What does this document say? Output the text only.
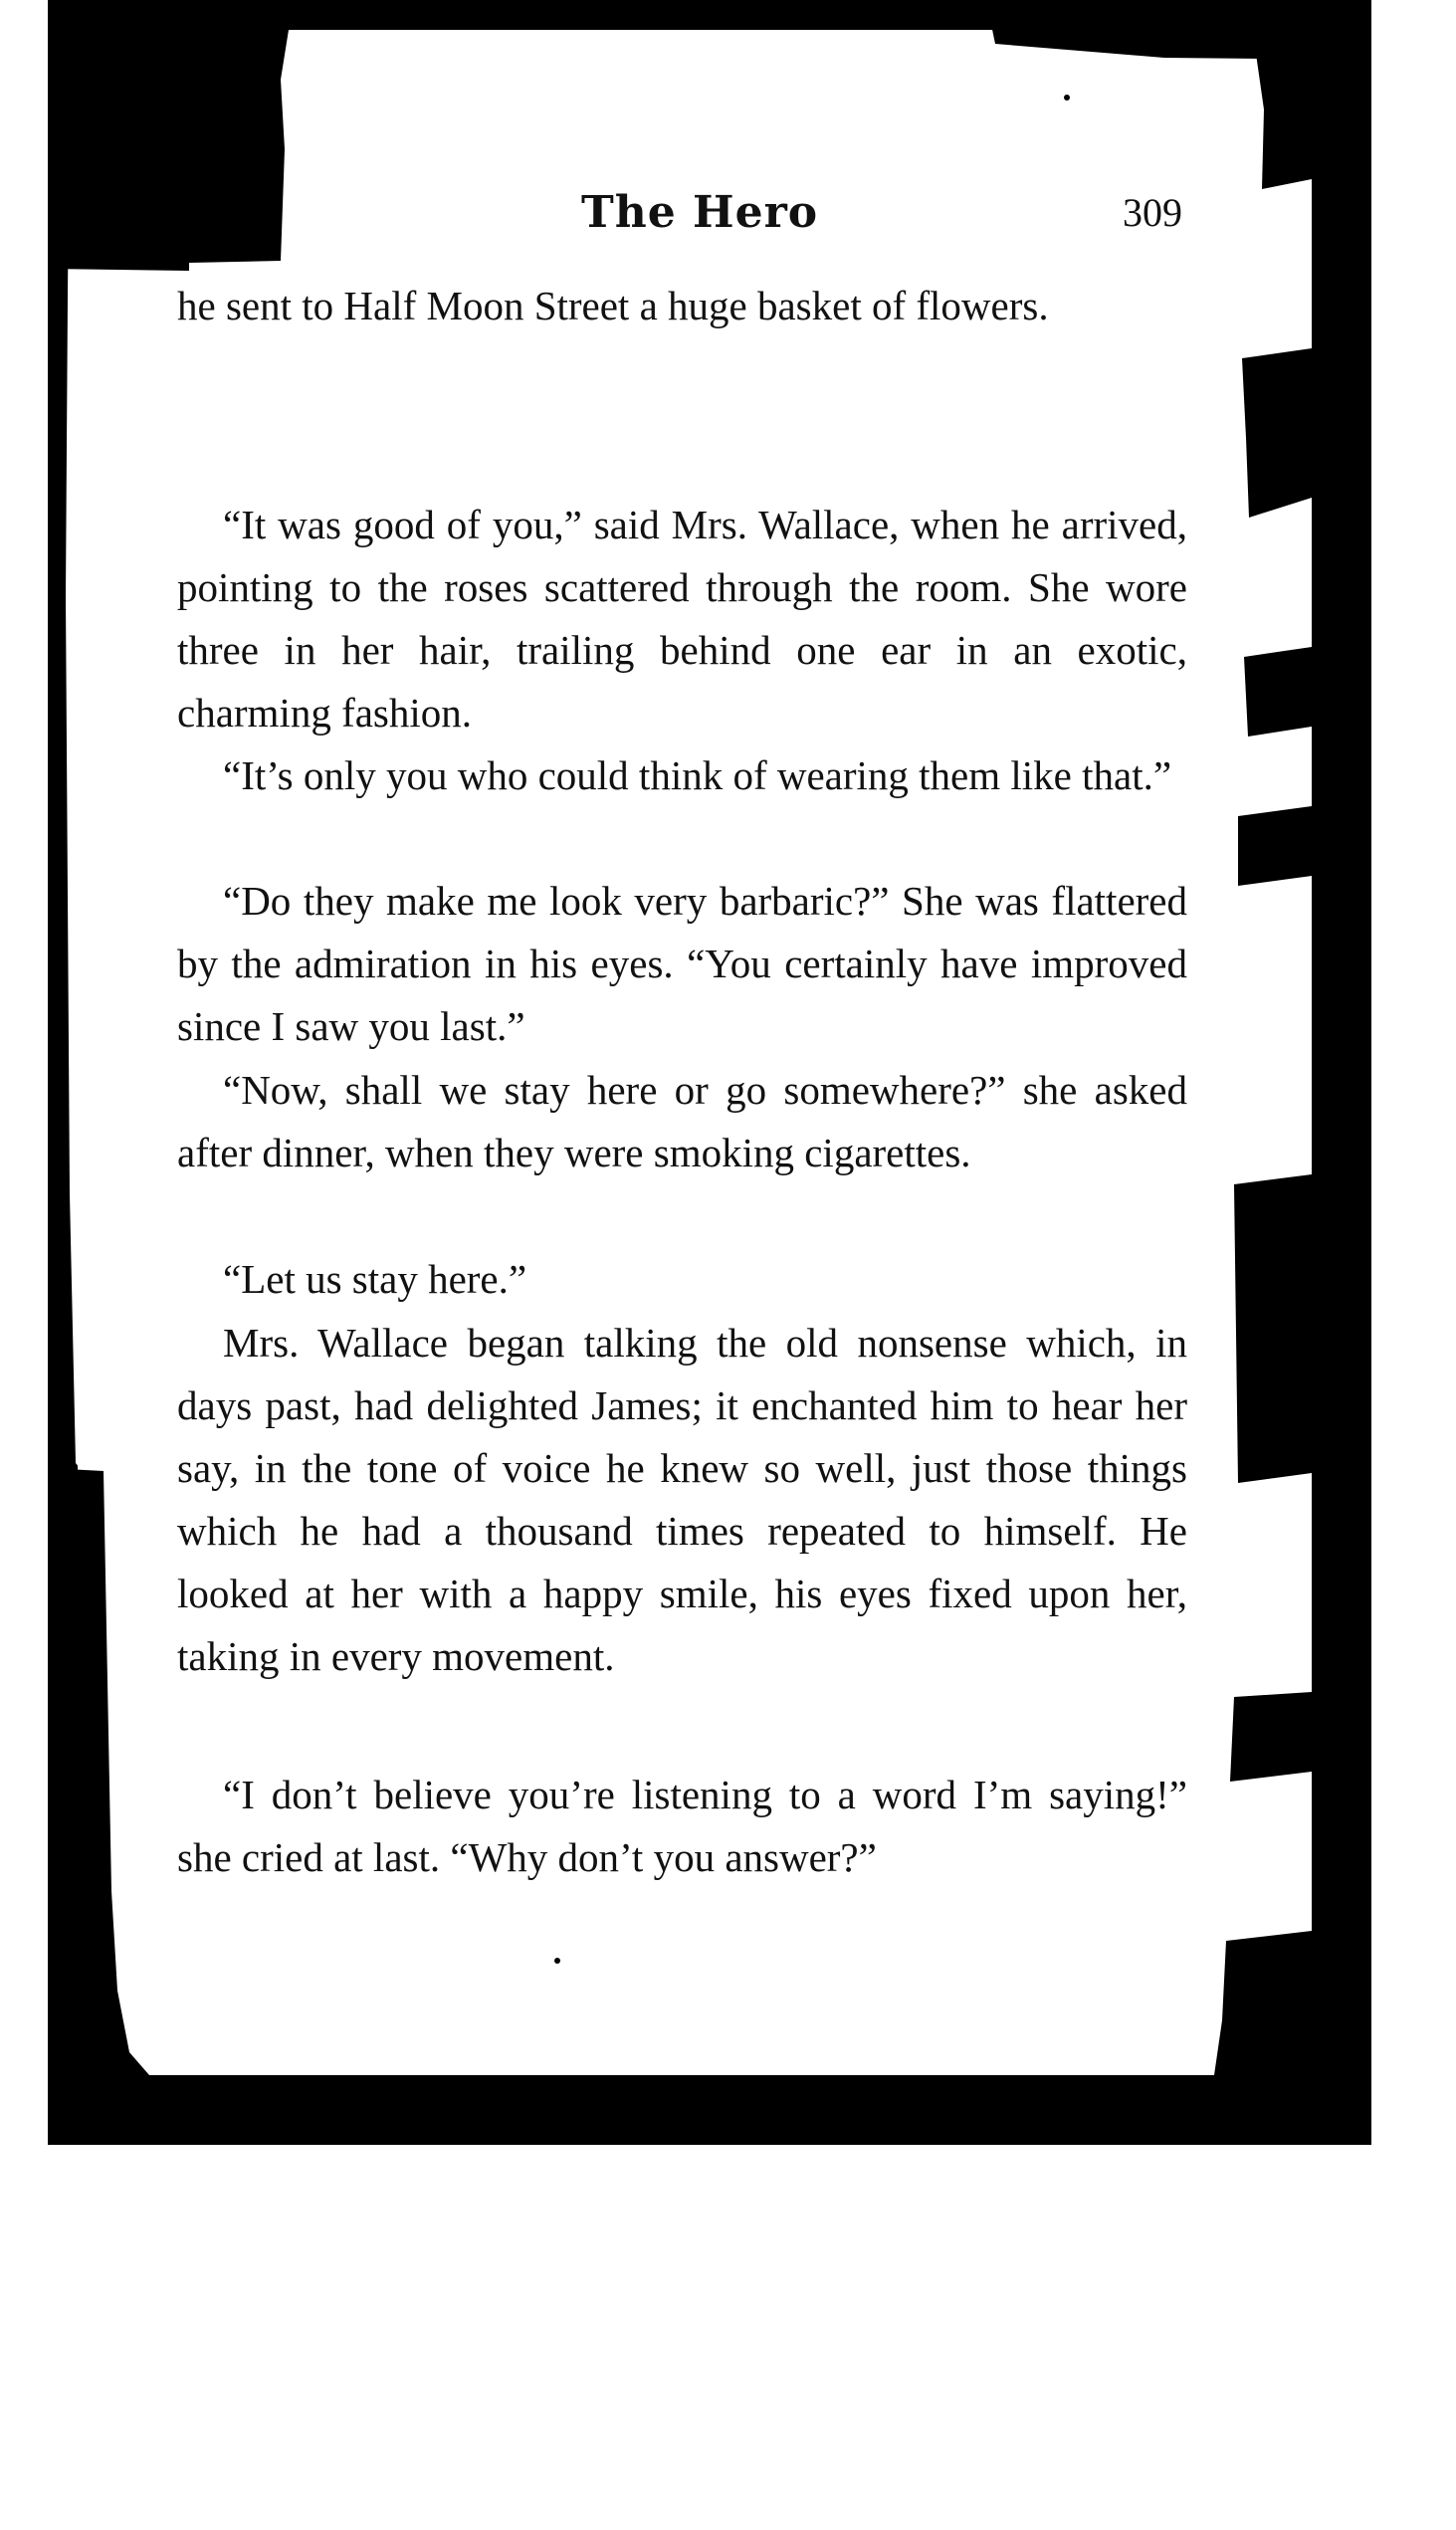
The Hero	309

he sent to Half Moon Street a huge basket of flowers.

“It was good of you,” said Mrs. Wallace, when he arrived, pointing to the roses scattered through the room. She wore three in her hair, trailing behind one ear in an exotic, charming fashion.

“It’s only you who could think of wearing them like that.”

“Do they make me look very barbaric?” She was flattered by the admiration in his eyes. “You certainly have improved since I saw you last.”

“Now, shall we stay here or go somewhere?” she asked after dinner, when they were smoking cigarettes.

“Let us stay here.”

Mrs. Wallace began talking the old nonsense which, in days past, had delighted James; it enchanted him to hear her say, in the tone of voice he knew so well, just those things which he had a thousand times repeated to himself. He looked at her with a happy smile, his eyes fixed upon her, taking in every movement.

“I don’t believe you’re listening to a word I’m saying!” she cried at last. “Why don’t you answer?”
